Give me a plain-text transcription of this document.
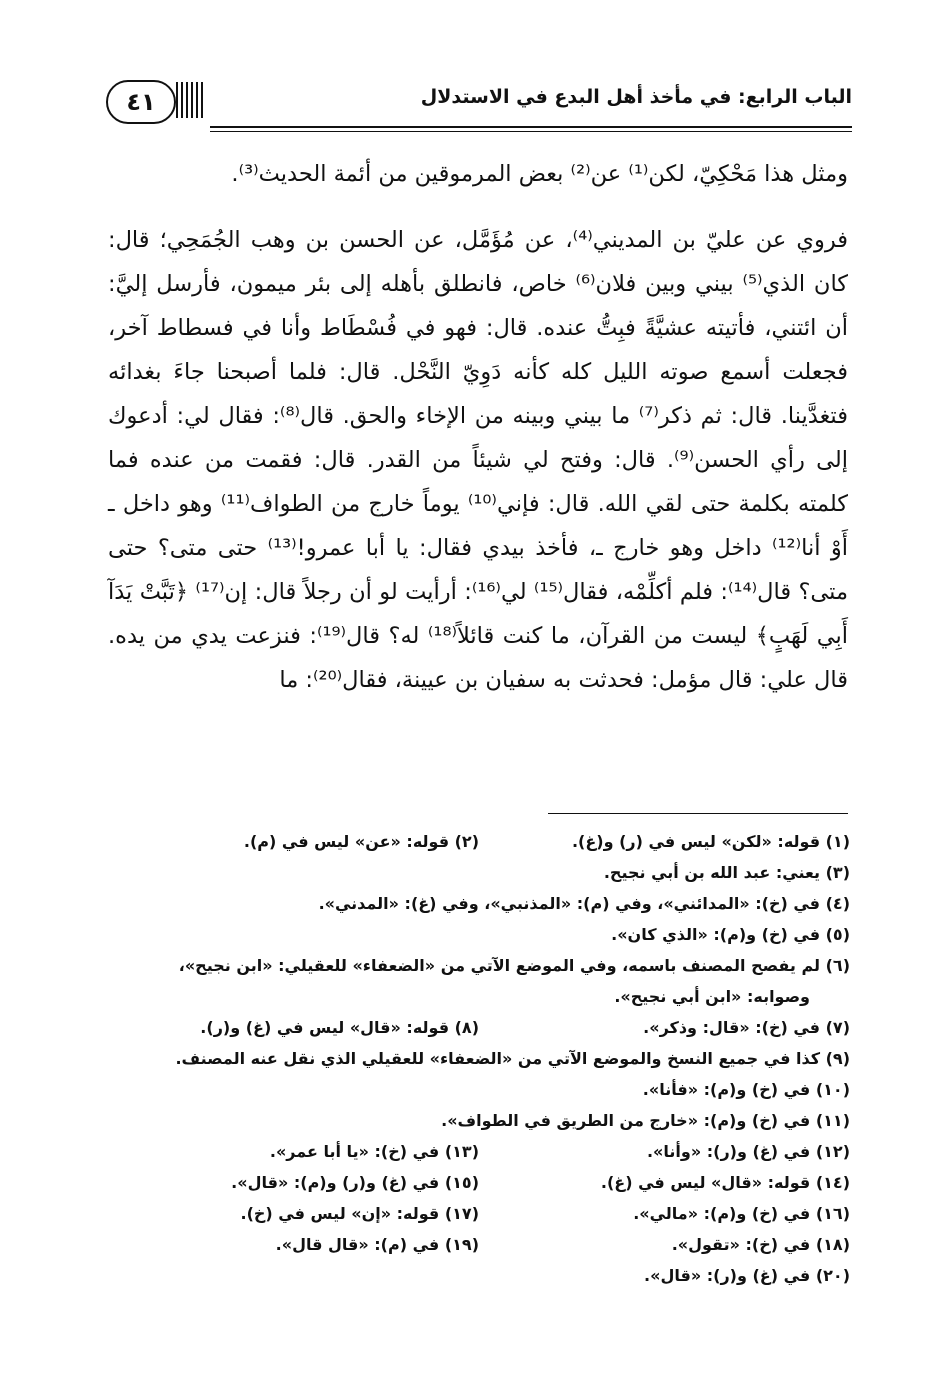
٤١	الباب الرابع: في مأخذ أهل البدع في الاستدلال

ومثل هذا مَحْكِيّ، لكن⁽¹⁾ عن⁽²⁾ بعض المرموقين من أئمة الحديث⁽³⁾.

فروي عن عليّ بن المديني⁽⁴⁾، عن مُؤَمَّل، عن الحسن بن وهب الجُمَحِي؛ قال: كان الذي⁽⁵⁾ بيني وبين فلان⁽⁶⁾ خاص، فانطلق بأهله إلى بئر ميمون، فأرسل إليَّ: أن ائتني، فأتيته عشيَّةً فبِتُّ عنده. قال: فهو في فُسْطَاط وأنا في فسطاط آخر، فجعلت أسمع صوته الليل كله كأنه دَوِيّ النَّحْل. قال: فلما أصبحنا جاءَ بغدائه فتغدَّينا. قال: ثم ذكر⁽⁷⁾ ما بيني وبينه من الإخاء والحق. قال⁽⁸⁾: فقال لي: أدعوك إلى رأي الحسن⁽⁹⁾. قال: وفتح لي شيئاً من القدر. قال: فقمت من عنده فما كلمته بكلمة حتى لقي الله. قال: فإني⁽¹⁰⁾ يوماً خارج من الطواف⁽¹¹⁾ وهو داخل ـ أَوْ أنا⁽¹²⁾ داخل وهو خارج ـ، فأخذ بيدي فقال: يا أبا عمرو!⁽¹³⁾ حتى متى؟ حتى متى؟ قال⁽¹⁴⁾: فلم أكلِّمْه، فقال⁽¹⁵⁾ لي⁽¹⁶⁾: أرأيت لو أن رجلاً قال: إن⁽¹⁷⁾ ﴿تَبَّتْ يَدَآ أَبِي لَهَبٍ﴾ ليست من القرآن، ما كنت قائلاً⁽¹⁸⁾ له؟ قال⁽¹⁹⁾: فنزعت يدي من يده. قال علي: قال مؤمل: فحدثت به سفيان بن عيينة، فقال⁽²⁰⁾: ما

(١) قوله: «لكن» ليس في (ر) و(غ).
(٢) قوله: «عن» ليس في (م).
(٣) يعني: عبد الله بن أبي نجيح.
(٤) في (خ): «المدائني»، وفي (م): «المذنبي»، وفي (غ): «المدني».
(٥) في (خ) و(م): «الذي كان».
(٦) لم يفصح المصنف باسمه، وفي الموضع الآتي من «الضعفاء» للعقيلي: «ابن نجيح»،
وصوابه: «ابن أبي نجيح».
(٧) في (خ): «قال: وذكر».
(٨) قوله: «قال» ليس في (غ) و(ر).
(٩) كذا في جميع النسخ والموضع الآتي من «الضعفاء» للعقيلي الذي نقل عنه المصنف.
(١٠) في (خ) و(م): «فأنا».
(١١) في (خ) و(م): «خارج من الطريق في الطواف».
(١٢) في (غ) و(ر): «وأنا».
(١٣) في (خ): «يا أبا عمر».
(١٤) قوله: «قال» ليس في (غ).
(١٥) في (غ) و(ر) و(م): «قال».
(١٦) في (خ) و(م): «مالي».
(١٧) قوله: «إن» ليس في (خ).
(١٨) في (خ): «تقول».
(١٩) في (م): «قال قال».
(٢٠) في (غ) و(ر): «قال».
